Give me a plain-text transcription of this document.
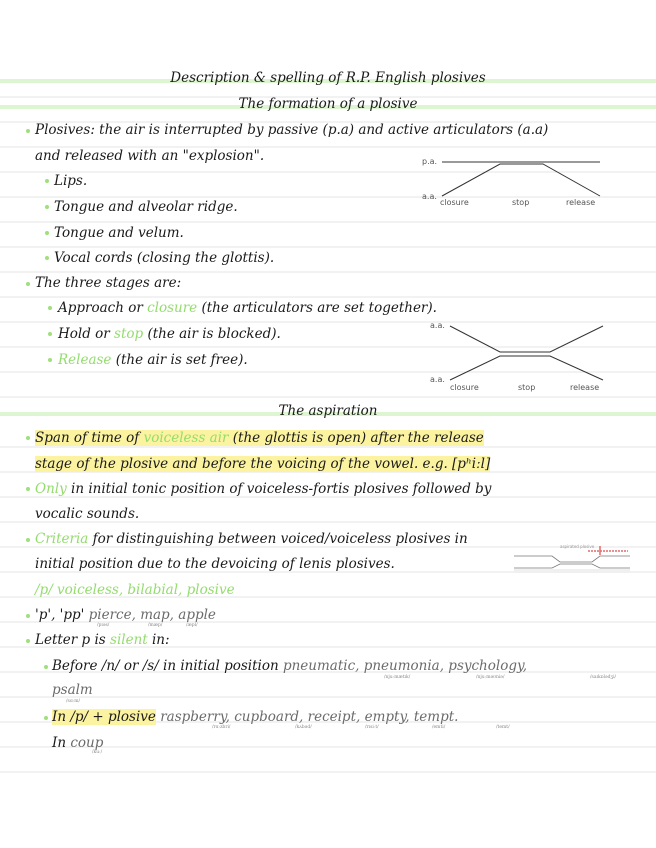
Description & spelling of R.P. English plosives
The formation of a plosive
Plosives: the air is interrupted by passive (p.a) and active articulators (a.a)
and released with an "explosion".
Lips.
Tongue and alveolar ridge.
Tongue and velum.
Vocal cords (closing the glottis).
p.a.
a.a.
closure	stop	release
The three stages are:
Approach or closure (the articulators are set together).
Hold or stop (the air is blocked).
Release (the air is set free).
a.a.
a.a.
closure	stop	release
The aspiration
Span of time of voiceless air (the glottis is open) after the release
stage of the plosive and before the voicing of the vowel. e.g. [pʰiːl]
Only in initial tonic position of voiceless-fortis plosives followed by
vocalic sounds.
Criteria for distinguishing between voiced/voiceless plosives in
initial position due to the devoicing of lenis plosives.
aspirated plosive
/p/ voiceless, bilabial, plosive
'p', 'pp' pierce, map, apple
/pɪəs/	/mæp/	/æpl/
Letter p is silent in:
Before /n/ or /s/ in initial position pneumatic, pneumonia, psychology,
psalm
/njuːmætɪk/	/njuːməʊniə/	/saɪkɒlədʒi/
/sɑːm/
In /p/ + plosive raspberry, cupboard, receipt, empty, tempt.
/rɑːzbri/	/kʌbəd/	/rɪsiːt/	/emti/	/temt/
In coup
/kuː/
